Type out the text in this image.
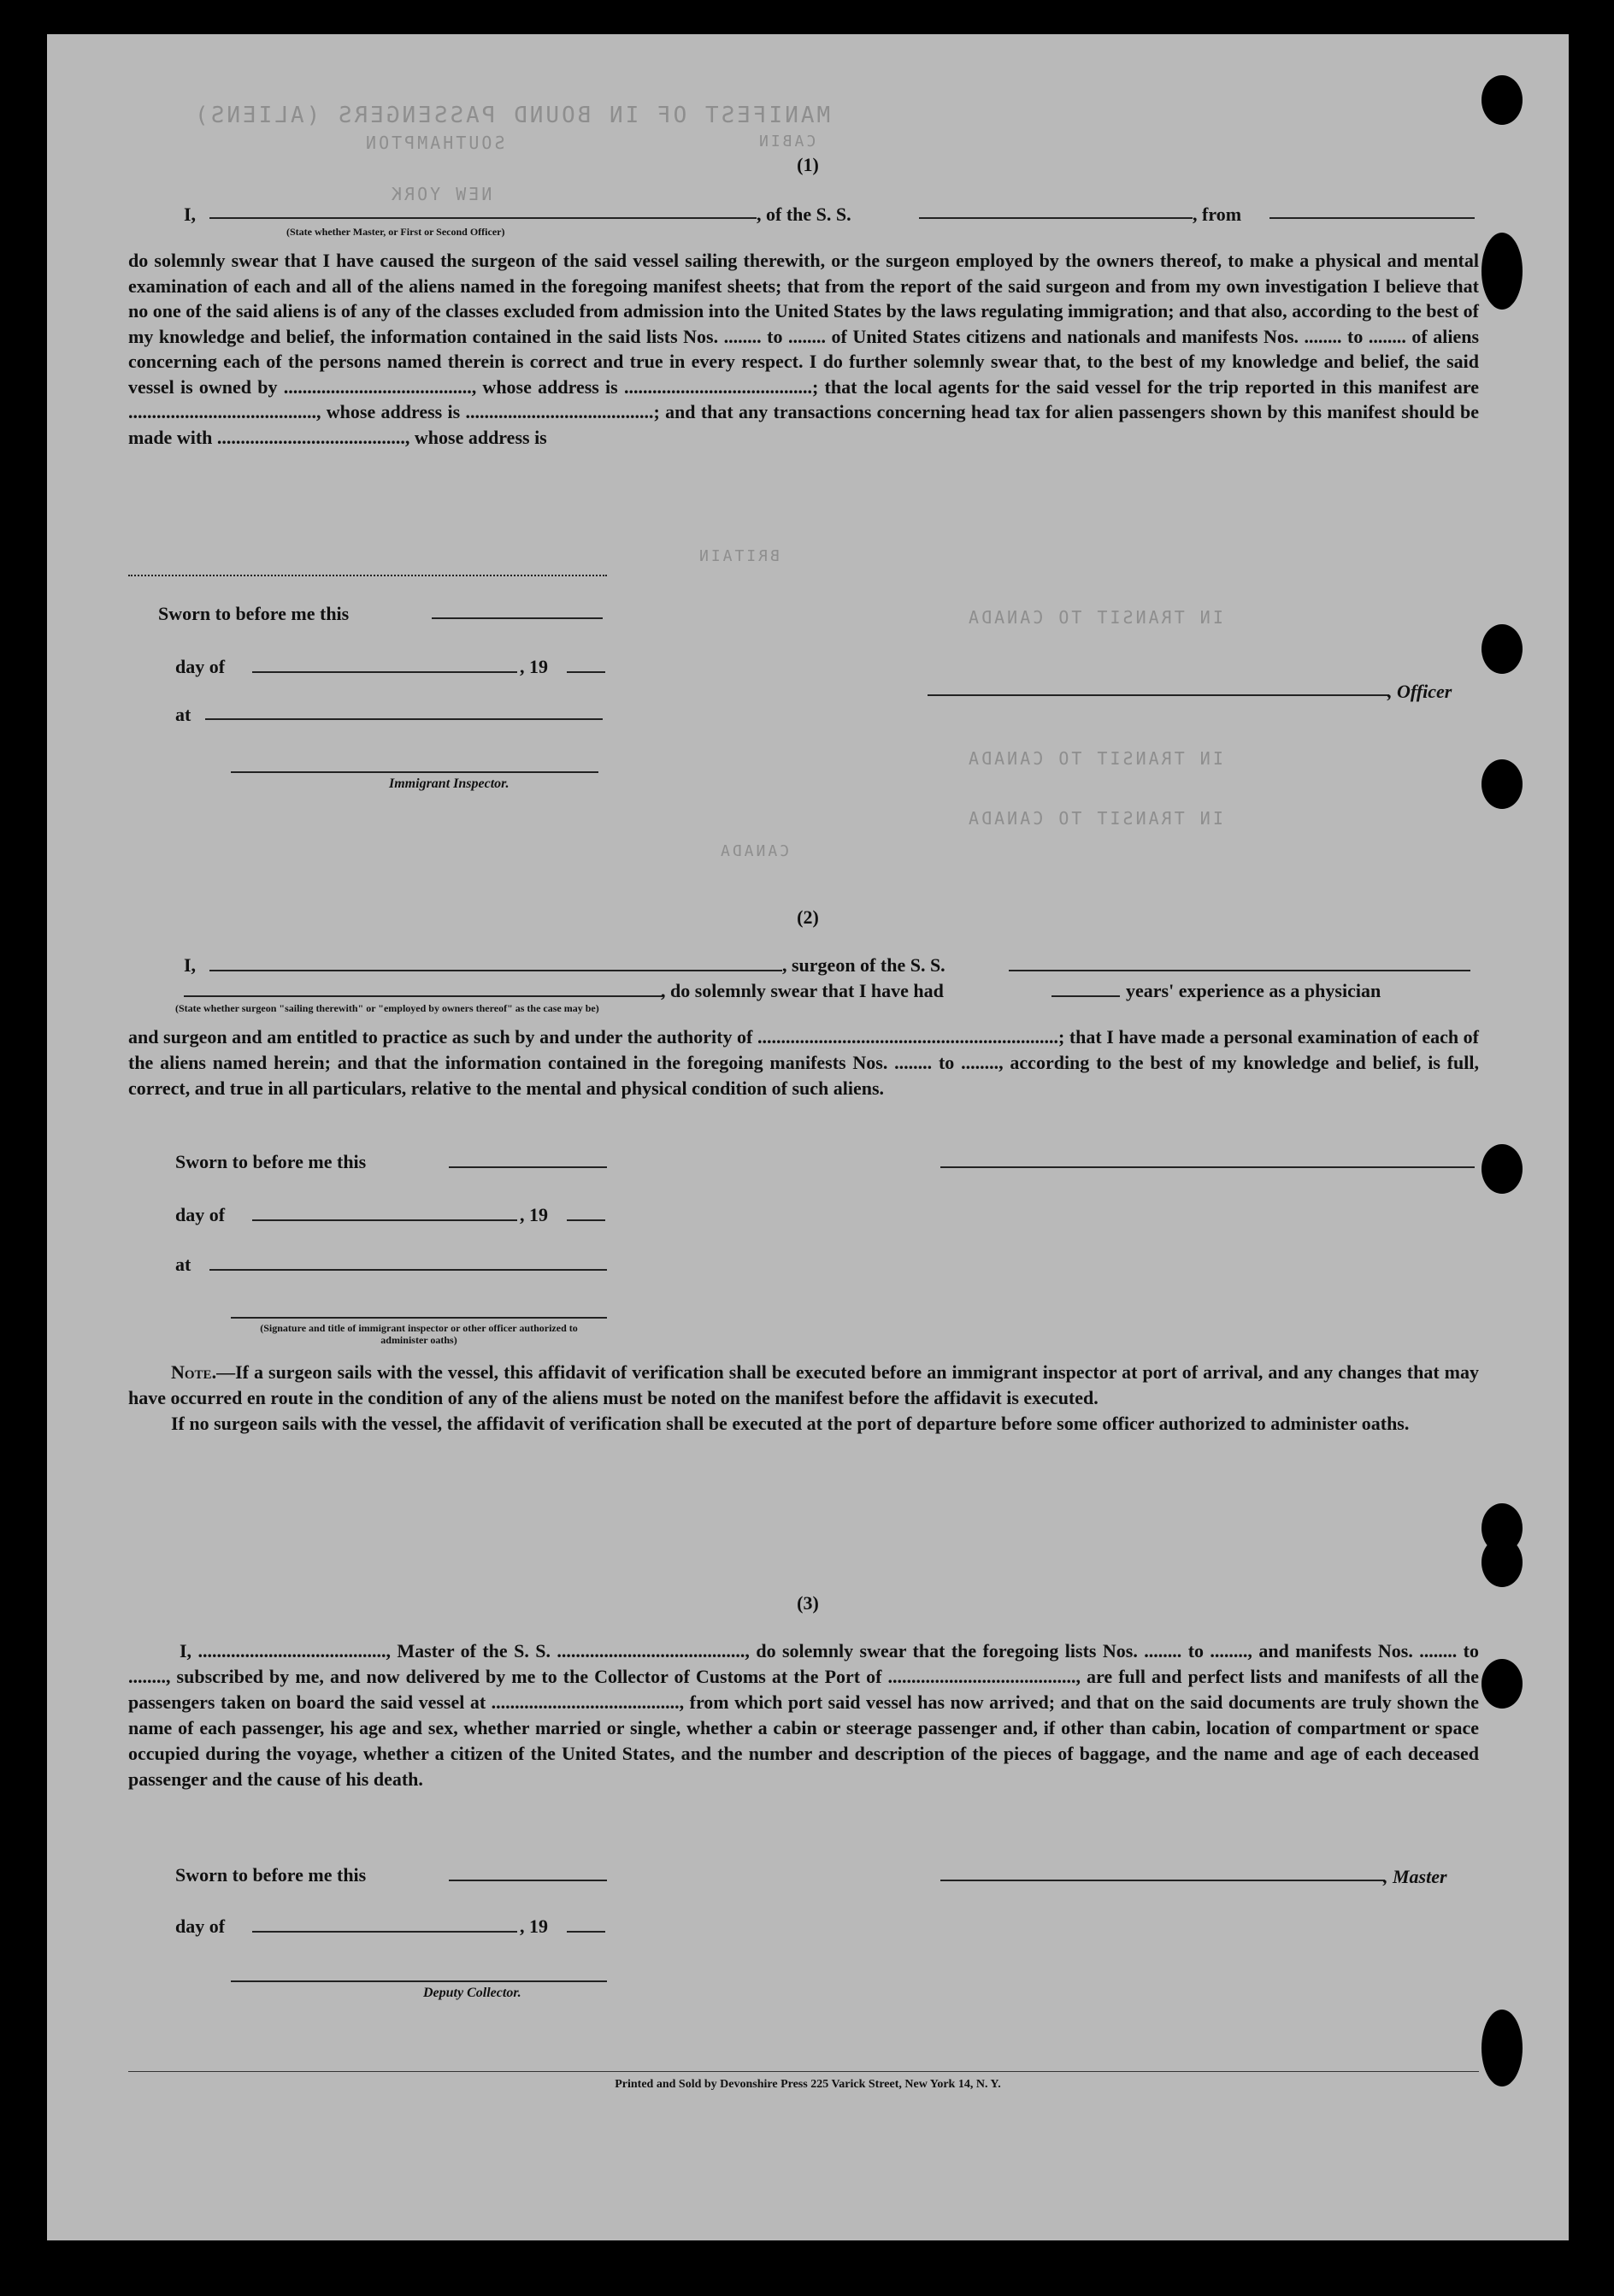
MANIFEST OF IN BOUND PASSENGERS (ALIENS)
SOUTHAMPTON
NEW YORK
CABIN
BRITAIN
IN TRANSIT TO CANADA
IN TRANSIT TO CANADA
IN TRANSIT TO CANADA
CANADA
(1)
I,	, of the S. S.	, from
(State whether Master, or First or Second Officer)

do solemnly swear that I have caused the surgeon of the said vessel sailing therewith, or the surgeon employed by the owners thereof, to make a physical and mental examination of each and all of the aliens named in the foregoing manifest sheets; that from the report of the said surgeon and from my own investigation I believe that no one of the said aliens is of any of the classes excluded from admission into the United States by the laws regulating immigration; and that also, according to the best of my knowledge and belief, the information contained in the said lists Nos. ........ to ........ of United States citizens and nationals and manifests Nos. ........ to ........ of aliens concerning each of the persons named therein is correct and true in every respect. I do further solemnly swear that, to the best of my knowledge and belief, the said vessel is owned by ........................................, whose address is ........................................; that the local agents for the said vessel for the trip reported in this manifest are ........................................, whose address is ........................................; and that any transactions concerning head tax for alien passengers shown by this manifest should be made with ........................................, whose address is

Sworn to before me this
day of	, 19
at
, Officer
Immigrant Inspector.
(2)
I,	, surgeon of the S. S.
, do solemnly swear that I have had	years' experience as a physician
(State whether surgeon "sailing therewith" or "employed by owners thereof" as the case may be)

and surgeon and am entitled to practice as such by and under the authority of ................................................................; that I have made a personal examination of each of the aliens named herein; and that the information contained in the foregoing manifests Nos. ........ to ........, according to the best of my knowledge and belief, is full, correct, and true in all particulars, relative to the mental and physical condition of such aliens.

Sworn to before me this
day of	, 19
at
(Signature and title of immigrant inspector or other officer authorized to administer oaths)

Note.—If a surgeon sails with the vessel, this affidavit of verification shall be executed before an immigrant inspector at port of arrival, and any changes that may have occurred en route in the condition of any of the aliens must be noted on the manifest before the affidavit is executed.

If no surgeon sails with the vessel, the affidavit of verification shall be executed at the port of departure before some officer authorized to administer oaths.

(3)

I, ........................................, Master of the S. S. ........................................, do solemnly swear that the foregoing lists Nos. ........ to ........, and manifests Nos. ........ to ........, subscribed by me, and now delivered by me to the Collector of Customs at the Port of ........................................, are full and perfect lists and manifests of all the passengers taken on board the said vessel at ........................................, from which port said vessel has now arrived; and that on the said documents are truly shown the name of each passenger, his age and sex, whether married or single, whether a cabin or steerage passenger and, if other than cabin, location of compartment or space occupied during the voyage, whether a citizen of the United States, and the number and description of the pieces of baggage, and the name and age of each deceased passenger and the cause of his death.

Sworn to before me this	, Master
day of	, 19
Deputy Collector.
Printed and Sold by Devonshire Press 225 Varick Street, New York 14, N. Y.
